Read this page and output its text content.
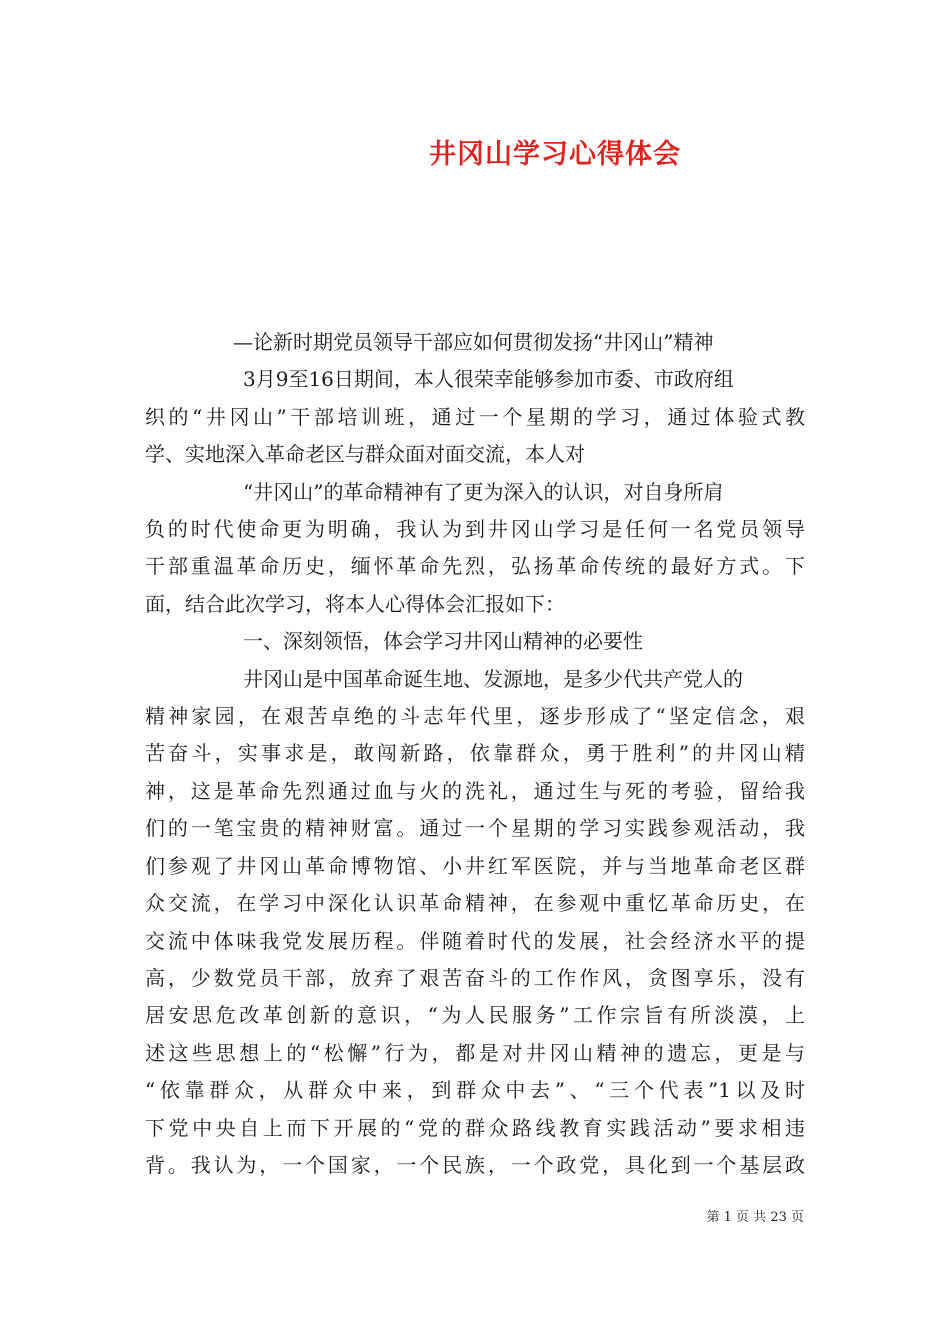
井冈山学习心得体会
—论新时期党员领导干部应如何贯彻发扬“井冈山”精神
3月9至16日期间，本人很荣幸能够参加市委、市政府组
织的“井冈山”干部培训班，通过一个星期的学习，通过体验式教
学、实地深入革命老区与群众面对面交流，本人对
“井冈山”的革命精神有了更为深入的认识，对自身所肩
负的时代使命更为明确，我认为到井冈山学习是任何一名党员领导
干部重温革命历史，缅怀革命先烈，弘扬革命传统的最好方式。下
面，结合此次学习，将本人心得体会汇报如下：
一、深刻领悟，体会学习井冈山精神的必要性
井冈山是中国革命诞生地、发源地，是多少代共产党人的
精神家园，在艰苦卓绝的斗志年代里，逐步形成了“坚定信念，艰
苦奋斗，实事求是，敢闯新路，依靠群众，勇于胜利”的井冈山精
神，这是革命先烈通过血与火的洗礼，通过生与死的考验，留给我
们的一笔宝贵的精神财富。通过一个星期的学习实践参观活动，我
们参观了井冈山革命博物馆、小井红军医院，并与当地革命老区群
众交流，在学习中深化认识革命精神，在参观中重忆革命历史，在
交流中体味我党发展历程。伴随着时代的发展，社会经济水平的提
高，少数党员干部，放弃了艰苦奋斗的工作作风，贪图享乐，没有
居安思危改革创新的意识，“为人民服务”工作宗旨有所淡漠，上
述这些思想上的“松懈”行为，都是对井冈山精神的遗忘，更是与
“依靠群众，从群众中来，到群众中去”、“三个代表”1以及时
下党中央自上而下开展的“党的群众路线教育实践活动”要求相违
背。我认为，一个国家，一个民族，一个政党，具化到一个基层政
第 1 页 共 23 页
